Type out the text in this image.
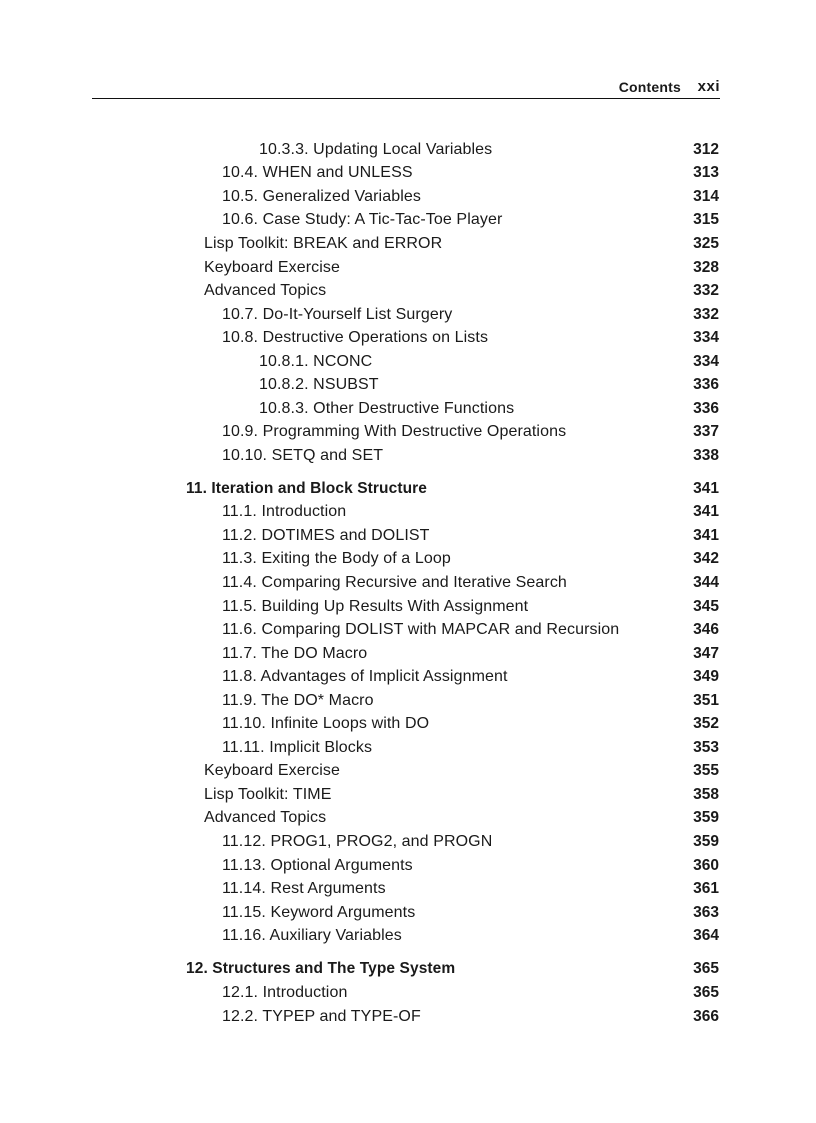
Contents xxi
10.3.3. Updating Local Variables	312
10.4. WHEN and UNLESS	313
10.5. Generalized Variables	314
10.6. Case Study: A Tic-Tac-Toe Player	315
Lisp Toolkit: BREAK and ERROR	325
Keyboard Exercise	328
Advanced Topics	332
10.7. Do-It-Yourself List Surgery	332
10.8. Destructive Operations on Lists	334
10.8.1. NCONC	334
10.8.2. NSUBST	336
10.8.3. Other Destructive Functions	336
10.9. Programming With Destructive Operations	337
10.10. SETQ and SET	338
11. Iteration and Block Structure	341
11.1. Introduction	341
11.2. DOTIMES and DOLIST	341
11.3. Exiting the Body of a Loop	342
11.4. Comparing Recursive and Iterative Search	344
11.5. Building Up Results With Assignment	345
11.6. Comparing DOLIST with MAPCAR and Recursion	346
11.7. The DO Macro	347
11.8. Advantages of Implicit Assignment	349
11.9. The DO* Macro	351
11.10. Infinite Loops with DO	352
11.11. Implicit Blocks	353
Keyboard Exercise	355
Lisp Toolkit: TIME	358
Advanced Topics	359
11.12. PROG1, PROG2, and PROGN	359
11.13. Optional Arguments	360
11.14. Rest Arguments	361
11.15. Keyword Arguments	363
11.16. Auxiliary Variables	364
12. Structures and The Type System	365
12.1. Introduction	365
12.2. TYPEP and TYPE-OF	366
